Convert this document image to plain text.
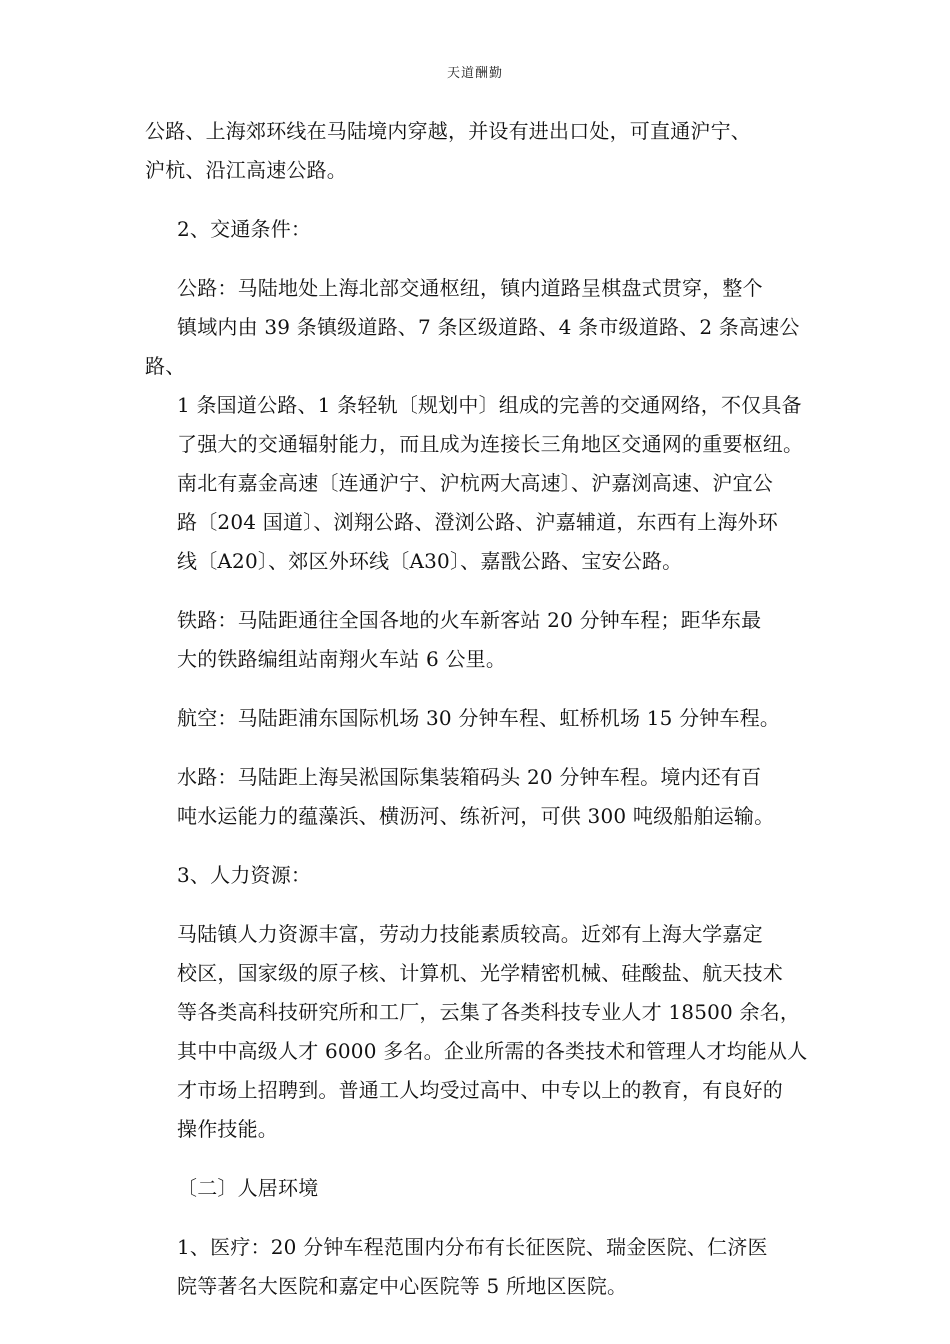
天道酬勤

公路、上海郊环线在马陆境内穿越，并设有进出口处，可直通沪宁、
沪杭、沿江高速公路。

2、交通条件：

公路：马陆地处上海北部交通枢纽，镇内道路呈棋盘式贯穿，整个
镇域内由 39 条镇级道路、7 条区级道路、4 条市级道路、2 条高速公路、
1 条国道公路、1 条轻轨〔规划中〕组成的完善的交通网络，不仅具备
了强大的交通辐射能力，而且成为连接长三角地区交通网的重要枢纽。
南北有嘉金高速〔连通沪宁、沪杭两大高速〕、沪嘉浏高速、沪宜公
路〔204 国道〕、浏翔公路、澄浏公路、沪嘉辅道，东西有上海外环
线〔A20〕、郊区外环线〔A30〕、嘉戬公路、宝安公路。

铁路：马陆距通往全国各地的火车新客站 20 分钟车程；距华东最
大的铁路编组站南翔火车站 6 公里。

航空：马陆距浦东国际机场 30 分钟车程、虹桥机场 15 分钟车程。

水路：马陆距上海吴淞国际集装箱码头 20 分钟车程。境内还有百
吨水运能力的蕴藻浜、横沥河、练祈河，可供 300 吨级船舶运输。

3、人力资源：

马陆镇人力资源丰富，劳动力技能素质较高。近郊有上海大学嘉定
校区，国家级的原子核、计算机、光学精密机械、硅酸盐、航天技术
等各类高科技研究所和工厂，云集了各类科技专业人才 18500 余名，
其中中高级人才 6000 多名。企业所需的各类技术和管理人才均能从人
才市场上招聘到。普通工人均受过高中、中专以上的教育，有良好的
操作技能。

〔二〕人居环境

1、医疗：20 分钟车程范围内分布有长征医院、瑞金医院、仁济医
院等著名大医院和嘉定中心医院等 5 所地区医院。
